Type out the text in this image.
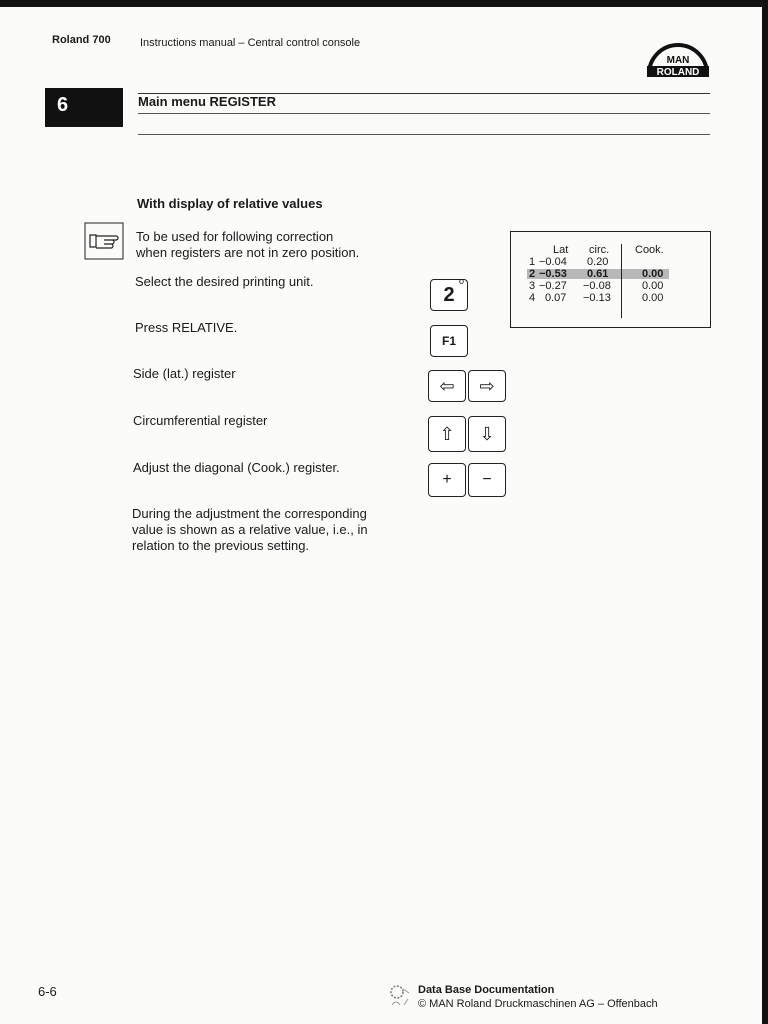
Roland 700	Instructions manual – Central control console
MAN
ROLAND
6	Main menu REGISTER
With display of relative values
To be used for following correction
when registers are not in zero position.
Select the desired printing unit.
Press RELATIVE.
Side (lat.) register
Circumferential register
Adjust the diagonal (Cook.) register.
During the adjustment the corresponding
value is shown as a relative value, i.e., in
relation to the previous setting.
2
o
F1
⇦ ⇨
⇧ ⇩
+ −
Lat circ. Cook.
1 −0.04 0.20
2 −0.53 0.61	0.00
3 −0.27 −0.08	0.00
4 0.07 −0.13	0.00
6-6	Data Base Documentation
© MAN Roland Druckmaschinen AG – Offenbach
